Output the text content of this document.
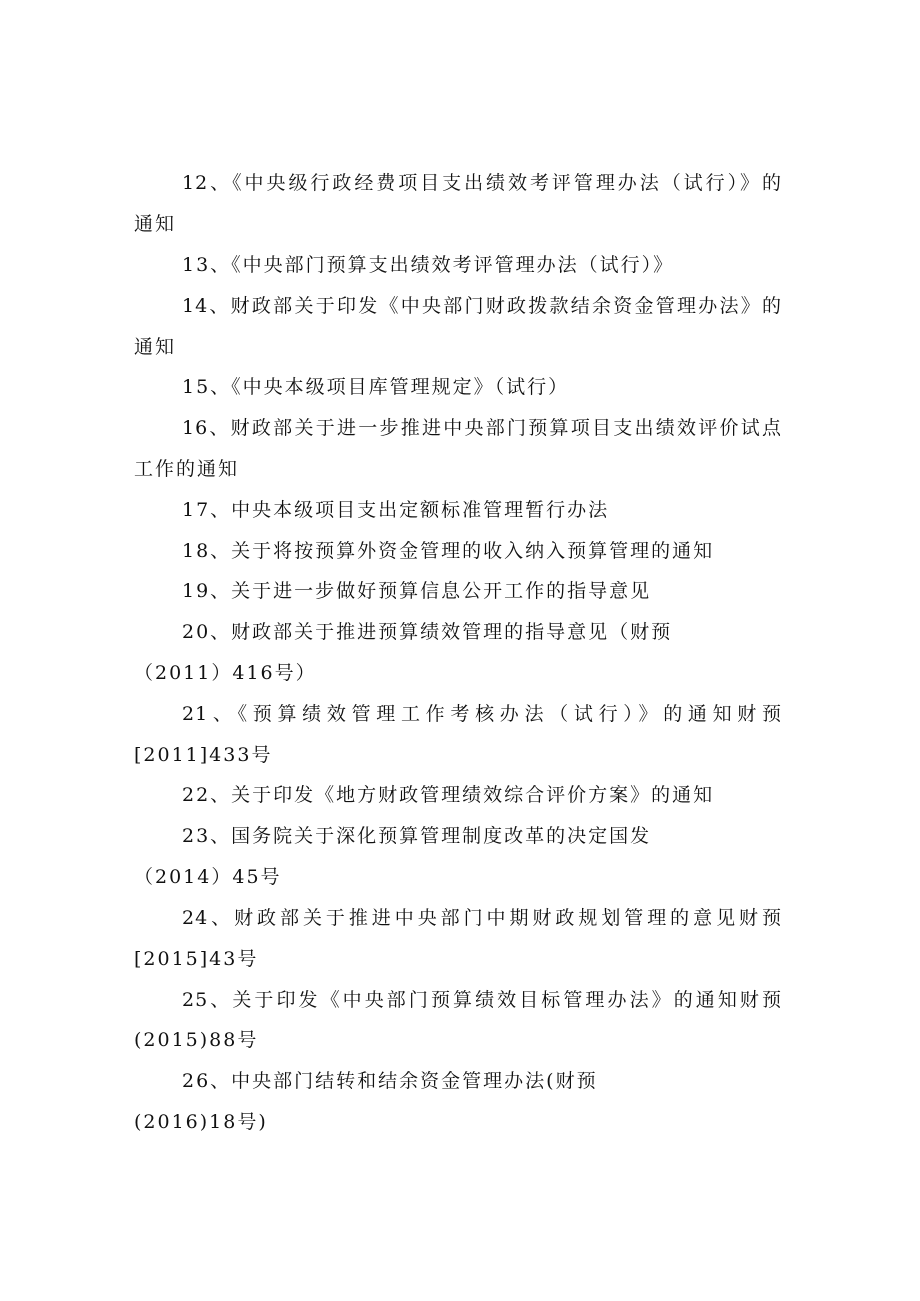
12、《中央级行政经费项目支出绩效考评管理办法（试行）》的
通知
13、《中央部门预算支出绩效考评管理办法（试行）》
14、财政部关于印发《中央部门财政拨款结余资金管理办法》的
通知
15、《中央本级项目库管理规定》（试行）
16、财政部关于进一步推进中央部门预算项目支出绩效评价试点
工作的通知
17、中央本级项目支出定额标准管理暂行办法
18、关于将按预算外资金管理的收入纳入预算管理的通知
19、关于进一步做好预算信息公开工作的指导意见
20、财政部关于推进预算绩效管理的指导意见（财预
（2011）416号）
21、《预算绩效管理工作考核办法（试行）》的通知财预
[2011]433号
22、关于印发《地方财政管理绩效综合评价方案》的通知
23、国务院关于深化预算管理制度改革的决定国发
（2014）45号
24、财政部关于推进中央部门中期财政规划管理的意见财预
[2015]43号
25、关于印发《中央部门预算绩效目标管理办法》的通知财预
(2015)88号
26、中央部门结转和结余资金管理办法(财预
(2016)18号)
